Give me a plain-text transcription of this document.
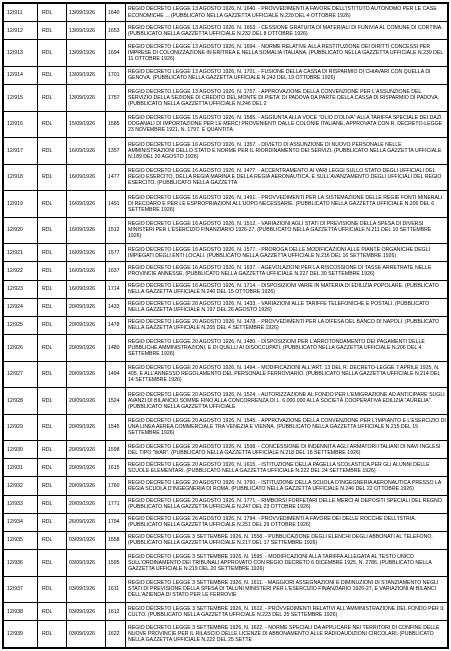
12/911	RDL	13/09/1926	1640	REGIO DECRETO LEGGE 13 AGOSTO 1926, N. 1640. - PROVVEDIMENTI A FAVORE DELL'ISTITUTO AUTONOMO PER LE CASE ECONOMICHE ... (PUBBLICATO NELLA GAZZETTA UFFICIALE N.220 DEL 4 OTTOBRE 1926)

12/912	RDL	13/09/1926	1653	REGIO DECRETO LEGGE 13 AGOSTO 1926, N. 1653. - CESSIONE GRATUITA DI MATERIALI DI FUNIVIA AL COMUNE DI CORTINA. (PUBBLICATO NELLA GAZZETTA UFFICIALE N.232 DEL 8 OTTOBRE 1926)

12/913	RDL	13/09/1926	1694	REGIO DECRETO LEGGE 13 AGOSTO 1926, N. 1694. - NORME RELATIVE ALLA RESTITUZIONE DEI DIRITTI CONCESSI PER IMPRESE DI COLONIZZAZIONE IN ERITREA E NELLA SOMALIA ITALIANA. (PUBBLICATO NELLA GAZZETTA UFFICIALE N.239 DEL 11 OTTOBRE 1926)

12/914	RDL	13/09/1926	1701	REGIO DECRETO LEGGE 13 AGOSTO 1926, N. 1701. - FUSIONE DELLA CASSA DI RISPARMIO DI CHIAVARI CON QUELLA DI GENOVA. (PUBBLICATO NELLA GAZZETTA UFFICIALE N.243 DEL 19 OTTOBRE 1926)

12/915	RDL	13/09/1926	1757	REGIO DECRETO LEGGE 13 AGOSTO 1926, N. 1757. - APPROVAZIONE DELLA CONVENZIONE PER L'ASSUNZIONE DEL SERVIZIO DELLA SEZIONE DI CREDITO DEL MONTE DI PIETA' DI PADOVA DA PARTE DELLA CASSA DI RISPARMIO DI PADOVA. (PUBBLICATO NELLA GAZZETTA UFFICIALE N.246 DEL 2

12/916	RDL	15/09/1926	1585	REGIO DECRETO LEGGE 15 AGOSTO 1926, N. 1585. - AGGIUNTA ALLA VOCE "OLIO D'OLIVA" ALLA TARIFFA SPECIALE DEI DAZI DOGANALI DI IMPORTAZIONE PER LE MERCI PROVENIENTI DALLE COLONIE ITALIANE, APPROVATA CON R. DECRETO-LEGGE 23 NOVEMBRE 1921, N. 1797. E QUANTITÀ

12/917	RDL	16/09/1926	1357	REGIO DECRETO LEGGE 16 AGOSTO 1926, N. 1357. - DIVIETO DI ASSUNZIONE DI NUOVO PERSONALE NELLE AMMINISTRAZIONI DELLO STATO E NORME PER IL RIORDINAMENTO DEI SERVIZI. (PUBBLICATO NELLA GAZZETTA UFFICIALE N.189 DEL 20 AGOSTO 1926)

12/918	RDL	16/09/1926	1477	REGIO DECRETO LEGGE 16 AGOSTO 1926, N. 1477. - ACCENTRAMENTO AI VARI LEGGI SULLO STATO DEGLI UFFICIALI DEL REGIO ESERCITO, DELLA REGIA MARINA E DELLA REGIA AERONAUTICA, E SULL'AVANZAMENTO DEGLI UFFICIALI DEL REGIO ESERCITO. (PUBBLICATO NELLA GAZZETTA

12/919	RDL	16/09/1926	1491	REGIO DECRETO LEGGE 16 AGOSTO 1926, N. 1491. - PROVVEDIMENTI PER LA SISTEMAZIONE DELLE REGIE FONTI MINERALI DI RECOARO E PER LE ESPROPRIAZIONI ALL'UOPO NECESSARIE. (PUBBLICATO NELLA GAZZETTA UFFICIALE N.206 DEL 6 SETTEMBRE 1926)

12/920	RDL	16/09/1926	1512	REGIO DECRETO LEGGE 16 AGOSTO 1926, N. 1512. - VARIAZIONI AGLI STATI DI PREVISIONE DELLA SPESA DI DIVERSI MINISTERI PER L'ESERCIZIO FINANZIARIO 1926-27. (PUBBLICATO NELLA GAZZETTA UFFICIALE N.211 DEL 10 SETTEMBRE 1926)

12/921	RDL	16/09/1926	1577	REGIO DECRETO LEGGE 16 AGOSTO 1926, N. 1577. - PROROGA DELLE MODIFICAZIONI ALLE PIANTE ORGANICHE DEGLI IMPIEGATI DEGLI ENTI LOCALI. (PUBBLICATO NELLA GAZZETTA UFFICIALE N.216 DEL 16 SETTEMBRE 1926)

12/922	RDL	16/09/1926	1637	REGIO DECRETO LEGGE 16 AGOSTO 1926, N. 1637. - AGEVOLAZIONI PER LA RISCOSSIONE DI TASSE ARRETRATE NELLE PROVINCIE ANNESSE. (PUBBLICATO NELLA GAZZETTA UFFICIALE N.227 DEL 30 SETTEMBRE 1926)

12/923	RDL	16/09/1926	1714	REGIO DECRETO LEGGE 16 AGOSTO 1926, N. 1714. - DISPOSIZIONI VARIE IN MATERIA DI EDILIZIA POPOLARE. (PUBBLICATO NELLA GAZZETTA UFFICIALE N.240 DEL 15 OTTOBRE 1926)

12/924	RDL	20/09/1926	1433	REGIO DECRETO LEGGE 20 AGOSTO 1926, N. 1433. - VARIAZIONI ALLE TARIFFE TELEFONICHE E POSTALI. (PUBBLICATO NELLA GAZZETTA UFFICIALE N.197 DEL 26 AGOSTO 1926)

12/925	RDL	20/09/1926	1478	REGIO DECRETO LEGGE 20 AGOSTO 1926, N. 1478. - PROVVEDIMENTI PER LA DIFESA DEL BANCO DI NAPOLI. (PUBBLICATO NELLA GAZZETTA UFFICIALE N.205 DEL 4 SETTEMBRE 1926)

12/926	RDL	20/09/1926	1480	REGIO DECRETO LEGGE 20 AGOSTO 1926, N. 1480. - DISPOSIZIONI PER L'ARROTONDAMENTO DEI PAGAMENTI DELLE PUBBLICHE AMMINISTRAZIONI, E DI QUELLI AI DISOCCUPATI. (PUBBLICATO NELLA GAZZETTA UFFICIALE N.206 DEL 4 SETTEMBRE 1926)

12/927	RDL	20/09/1926	1494	REGIO DECRETO LEGGE 20 AGOSTO 1926, N. 1494. - MODIFICAZIONI ALL'ART. 13 DEL R. DECRETO-LEGGE 7 APRILE 1925, N. 405, E ALL'ANNESSO REGOLAMENTO DEL PERSONALE FERROVIARIO. (PUBBLICATO NELLA GAZZETTA UFFICIALE N.214 DEL 14 SETTEMBRE 1926)

12/928	RDL	20/09/1926	1524	REGIO DECRETO LEGGE 20 AGOSTO 1926, N. 1524. - AUTORIZZAZIONE AL FONDO PER L'EMIGRAZIONE AD ANTICIPARE SUGLI AVANZI DI BILANCIO SOMME FINO ALLA CONCORRENZA DI L. 6.000.000 ALLA SOCIETÀ COOPERATIVA EDILIZIA "AURELIA". (PUBBLICATO NELLA GAZZETTA UFFICIALE

12/929	RDL	20/09/1926	1545	REGIO DECRETO LEGGE 20 AGOSTO 1926, N. 1545. - APPROVAZIONE DELLA CONVENZIONE PER L'IMPIANTO E L'ESERCIZIO DI UNA LINEA AEREA COMMERCIALE TRA VENEZIA E VIENNA. (PUBBLICATO NELLA GAZZETTA UFFICIALE N.215 DEL 15 SETTEMBRE 1926)

12/930	RDL	20/09/1926	1598	REGIO DECRETO LEGGE 20 AGOSTO 1926, N. 1598. - CONCESSIONE DI INDENNITÀ AGLI ARMATORI ITALIANI DI NAVI INGLESI DEL TIPO "WAR". (PUBBLICATO NELLA GAZZETTA UFFICIALE N.218 DEL 18 SETTEMBRE 1926)

12/931	RDL	20/09/1926	1615	REGIO DECRETO LEGGE 20 AGOSTO 1926, N. 1615. - ISTITUZIONE DELLA PAGELLA SCOLASTICA PER GLI ALUNNI DELLE SCUOLE ELEMENTARI. (PUBBLICATO NELLA GAZZETTA UFFICIALE N.222 DEL 24 SETTEMBRE 1926)

12/932	RDL	20/09/1926	1760	REGIO DECRETO LEGGE 20 AGOSTO 1926, N. 1760. - ISTITUZIONE DELLA SCUOLA D'INGEGNERIA AERONAUTICA PRESSO LA REGIA SCUOLA D'INGEGNERIA DI ROMA. (PUBBLICATO NELLA GAZZETTA UFFICIALE N.246 DEL 22 OTTOBRE 1926)

12/933	RDL	20/09/1926	1771	REGIO DECRETO LEGGE 20 AGOSTO 1926, N. 1771. - RIMBORSI FORFETARI DELLE MERCI AI DEPOSITI SPECIALI DEL REGNO. (PUBBLICATO NELLA GAZZETTA UFFICIALE N.247 DEL 23 OTTOBRE 1926)

12/934	RDL	26/09/1926	1794	REGIO DECRETO LEGGE 26 AGOSTO 1926, N. 1794. - PROVVEDIMENTI A FAVORE DEI DELLE ROCCHE DELL'ISTRIA. (PUBBLICATO NELLA GAZZETTA UFFICIALE N.251 DEL 29 OTTOBRE 1926)

12/935	RDL	03/09/1926	1558	REGIO DECRETO LEGGE 3 SETTEMBRE 1926, N. 1558. - PUBBLICAZIONE DEGLI ELENCHI DEGLI ABBONATI AL TELEFONO. (PUBBLICATO NELLA GAZZETTA UFFICIALE N.217 DEL 17 SETTEMBRE 1926)

12/936	RDL	03/09/1926	1595	REGIO DECRETO LEGGE 3 SETTEMBRE 1926, N. 1595. - MODIFICAZIONI ALLA TARIFFA ALLEGATA AL TESTO UNICO SULL'ORDINAMENTO DEI TRIBUNALI APPROVATO CON REGIO DECRETO 6 DICEMBRE 1925, N. 2786. (PUBBLICATO NELLA GAZZETTA UFFICIALE N.219 DEL 20 SETTEMBRE 1926)

12/937	RDL	03/09/1926	1611	REGIO DECRETO LEGGE 3 SETTEMBRE 1926, N. 1611. - MAGGIORI ASSEGNAZIONI E DIMINUZIONI DI STANZIAMENTO NEGLI STATI DI PREVISIONE DELLA SPESA DI TALUNI MINISTERI PER L'ESERCIZIO FINANZIARIO 1926-27, E VARIAZIONI AI BILANCI DELL'AZIENDA DI STATO PER LE FERROVIE

12/938	RDL	03/09/1926	1612	REGIO DECRETO LEGGE 3 SETTEMBRE 1926, N. 1612. - PROVVEDIMENTI RELATIVI ALL'AMMINISTRAZIONE DEL FONDO PER IL CULTO. (PUBBLICATO NELLA GAZZETTA UFFICIALE N.223 DEL 25 SETTEMBRE 1926)

12/939	RDL	03/09/1926	1622	REGIO DECRETO LEGGE 3 SETTEMBRE 1926, N. 1622. - NORME SPECIALI DA APPLICARE NEI TERRITORI DI CONFINE DELLE NUOVE PROVINCIE PER IL RILASCIO DELLE LICENZE DI ABBONAMENTO ALLE RADIOAUDIZIONI CIRCOLARI. (PUBBLICATO NELLA GAZZETTA UFFICIALE N.222 DEL 25 SETTE
